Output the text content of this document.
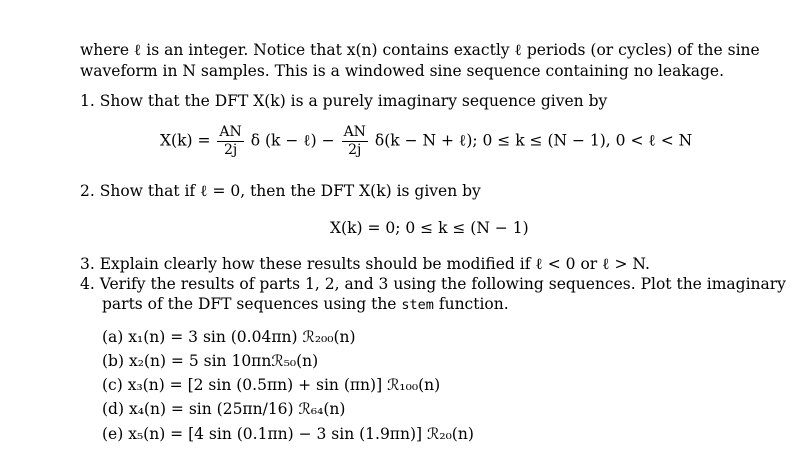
where ℓ is an integer. Notice that x(n) contains exactly ℓ periods (or cycles) of the sine
waveform in N samples. This is a windowed sine sequence containing no leakage.
1. Show that the DFT X(k) is a purely imaginary sequence given by
$X(k) = \frac{AN}{2j}$ δ (k − ℓ) − $\frac{AN}{2j} \delta(k - N$ + ℓ); 0 ≤ k ≤ (N − 1), 0 < ℓ < N
2. Show that if ℓ = 0, then the DFT X(k) is given by
X(k) = 0; 0 ≤ k ≤ (N − 1)
3. Explain clearly how these results should be modified if ℓ < 0 or ℓ > N.
4. Verify the results of parts 1, 2, and 3 using the following sequences. Plot the imaginary
parts of the DFT sequences using the stem function.
(a) x₁(n) = 3 sin (0.04πn) ℛ₂₀₀(n)
(b) x₂(n) = 5 sin 10πnℛ₅₀(n)
(c) x₃(n) = [2 sin (0.5πn) + sin (πn)] ℛ₁₀₀(n)
(d) x₄(n) = sin (25πn/16) ℛ₆₄(n)
(e) x₅(n) = [4 sin (0.1πn) − 3 sin (1.9πn)] ℛ₂₀(n)
